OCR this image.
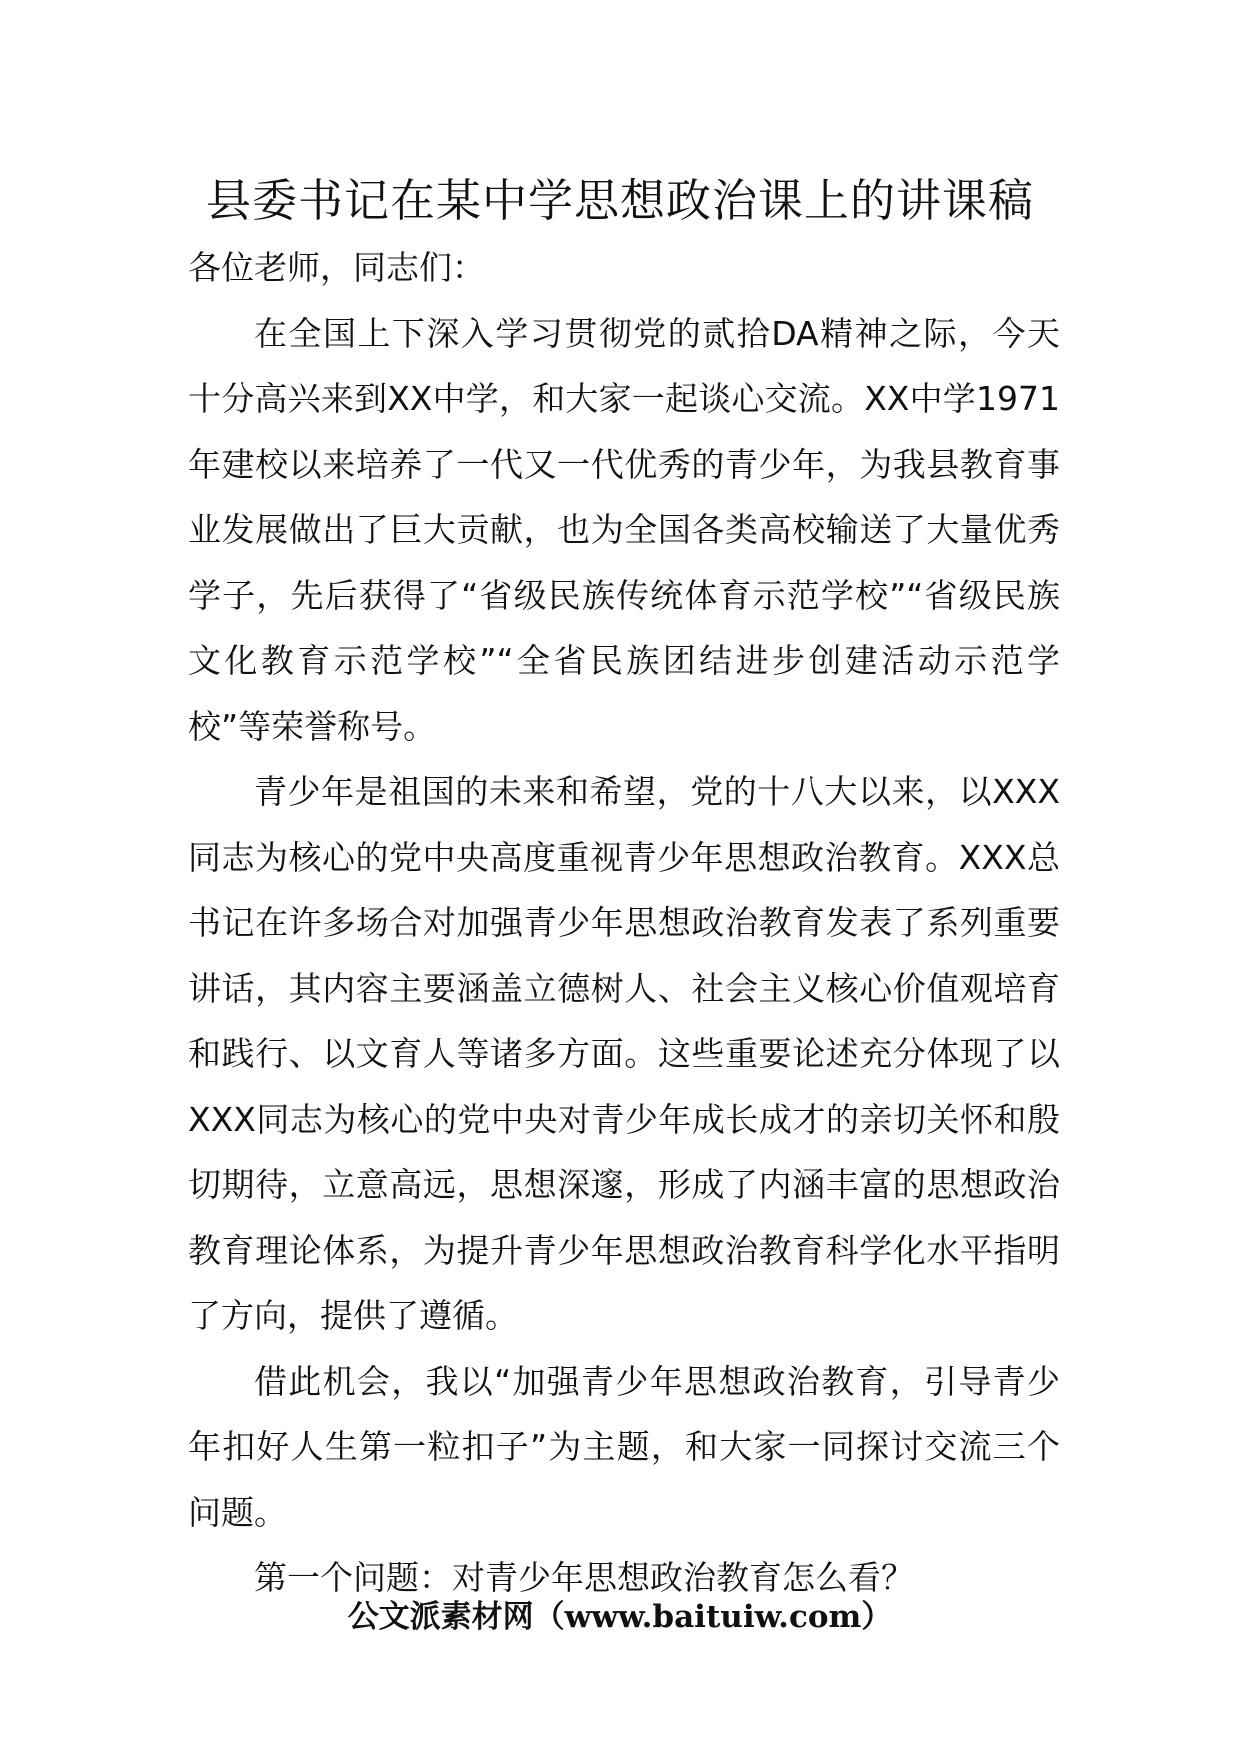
县委书记在某中学思想政治课上的讲课稿

各位老师，同志们：

在全国上下深入学习贯彻党的贰拾DA精神之际，今天十分高兴来到XX中学，和大家一起谈心交流。XX中学1971年建校以来培养了一代又一代优秀的青少年，为我县教育事业发展做出了巨大贡献，也为全国各类高校输送了大量优秀学子，先后获得了“省级民族传统体育示范学校”“省级民族文化教育示范学校”“全省民族团结进步创建活动示范学校”等荣誉称号。

青少年是祖国的未来和希望，党的十八大以来，以XXX同志为核心的党中央高度重视青少年思想政治教育。XXX总书记在许多场合对加强青少年思想政治教育发表了系列重要讲话，其内容主要涵盖立德树人、社会主义核心价值观培育和践行、以文育人等诸多方面。这些重要论述充分体现了以XXX同志为核心的党中央对青少年成长成才的亲切关怀和殷切期待，立意高远，思想深邃，形成了内涵丰富的思想政治教育理论体系，为提升青少年思想政治教育科学化水平指明了方向，提供了遵循。

借此机会，我以“加强青少年思想政治教育，引导青少年扣好人生第一粒扣子”为主题，和大家一同探讨交流三个问题。

第一个问题：对青少年思想政治教育怎么看？

公文派素材网（www.baituiw.com）
